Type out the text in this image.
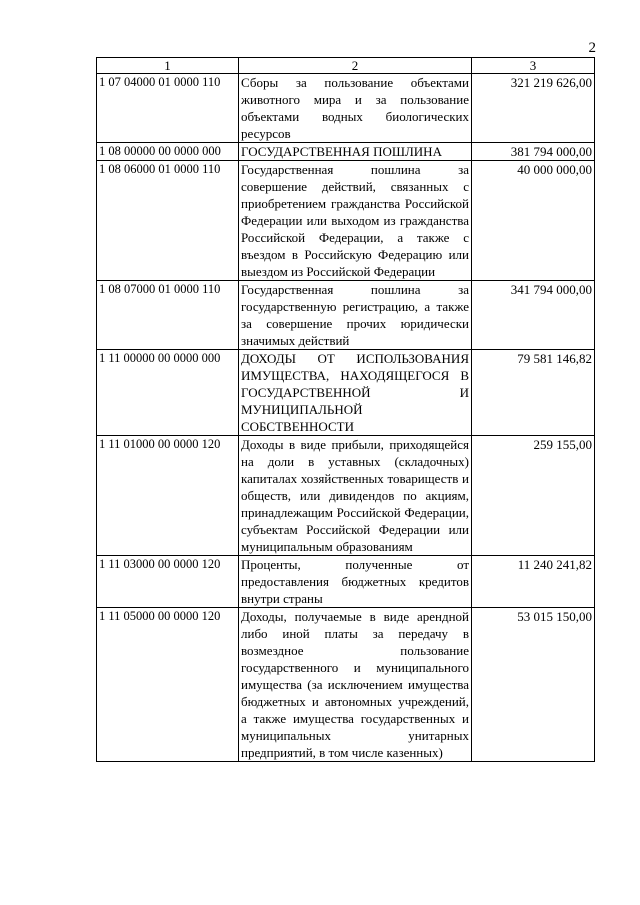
2
1	2	3
1 07 04000 01 0000 110	Сборы за пользование объектами животного мира и за пользование объектами водных биологических ресурсов	321 219 626,00
1 08 00000 00 0000 000	ГОСУДАРСТВЕННАЯ ПОШЛИНА	381 794 000,00
1 08 06000 01 0000 110	Государственная пошлина за совершение действий, связанных с приобретением гражданства Российской Федерации или выходом из гражданства Российской Федерации, а также с въездом в Российскую Федерацию или выездом из Российской Федерации	40 000 000,00
1 08 07000 01 0000 110	Государственная пошлина за государственную регистрацию, а также за совершение прочих юридически значимых действий	341 794 000,00
1 11 00000 00 0000 000	ДОХОДЫ ОТ ИСПОЛЬЗОВАНИЯ ИМУЩЕСТВА, НАХОДЯЩЕГОСЯ В ГОСУДАРСТВЕННОЙ И МУНИЦИПАЛЬНОЙ СОБСТВЕННОСТИ	79 581 146,82
1 11 01000 00 0000 120	Доходы в виде прибыли, приходящейся на доли в уставных (складочных) капиталах хозяйственных товариществ и обществ, или дивидендов по акциям, принадлежащим Российской Федерации, субъектам Российской Федерации или муниципальным образованиям	259 155,00
1 11 03000 00 0000 120	Проценты, полученные от предоставления бюджетных кредитов внутри страны	11 240 241,82
1 11 05000 00 0000 120	Доходы, получаемые в виде арендной либо иной платы за передачу в возмездное пользование государственного и муниципального имущества (за исключением имущества бюджетных и автономных учреждений, а также имущества государственных и муниципальных унитарных предприятий, в том числе казенных)	53 015 150,00
